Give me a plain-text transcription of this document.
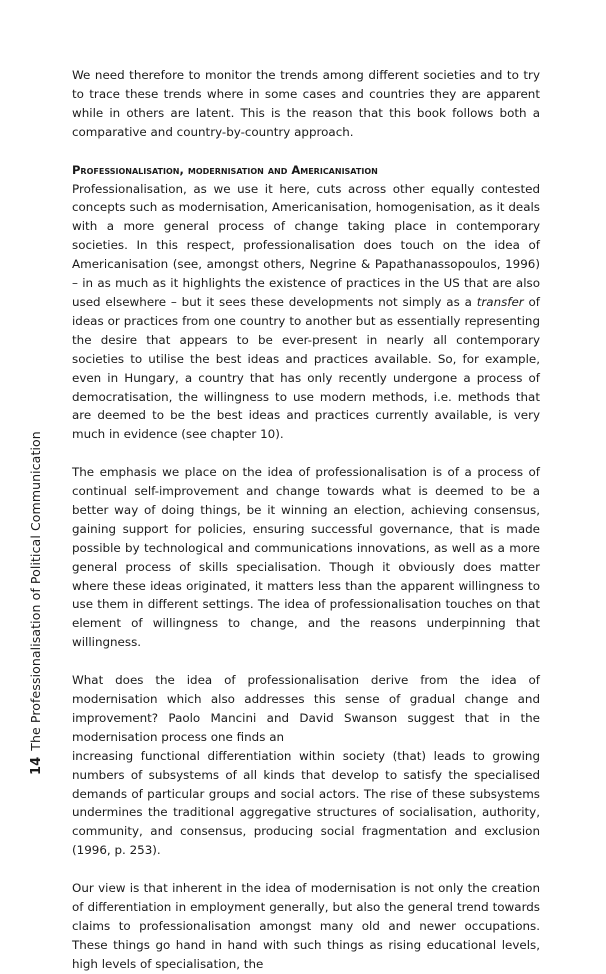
14
The Professionalisation of Political Communication

We need therefore to monitor the trends among different societies and to try to trace these trends where in some cases and countries they are apparent while in others are latent. This is the reason that this book follows both a comparative and country-by-country approach.

Professionalisation, modernisation and Americanisation

Professionalisation, as we use it here, cuts across other equally contested concepts such as modernisation, Americanisation, homogenisation, as it deals with a more general process of change taking place in contemporary societies. In this respect, professionalisation does touch on the idea of Americanisation (see, amongst others, Negrine & Papathanassopoulos, 1996) – in as much as it highlights the existence of practices in the US that are also used elsewhere – but it sees these developments not simply as a transfer of ideas or practices from one country to another but as essentially representing the desire that appears to be ever-present in nearly all contemporary societies to utilise the best ideas and practices available. So, for example, even in Hungary, a country that has only recently undergone a process of democratisation, the willingness to use modern methods, i.e. methods that are deemed to be the best ideas and practices currently available, is very much in evidence (see chapter 10).

The emphasis we place on the idea of professionalisation is of a process of continual self-improvement and change towards what is deemed to be a better way of doing things, be it winning an election, achieving consensus, gaining support for policies, ensuring successful governance, that is made possible by technological and communications innovations, as well as a more general process of skills specialisation. Though it obviously does matter where these ideas originated, it matters less than the apparent willingness to use them in different settings. The idea of professionalisation touches on that element of willingness to change, and the reasons underpinning that willingness.

What does the idea of professionalisation derive from the idea of modernisation which also addresses this sense of gradual change and improvement? Paolo Mancini and David Swanson suggest that in the modernisation process one finds an

increasing functional differentiation within society (that) leads to growing numbers of subsystems of all kinds that develop to satisfy the specialised demands of particular groups and social actors. The rise of these subsystems undermines the traditional aggregative structures of socialisation, authority, community, and consensus, producing social fragmentation and exclusion (1996, p. 253).

Our view is that inherent in the idea of modernisation is not only the creation of differentiation in employment generally, but also the general trend towards claims to professionalisation amongst many old and newer occupations. These things go hand in hand with such things as rising educational levels, high levels of specialisation, the
